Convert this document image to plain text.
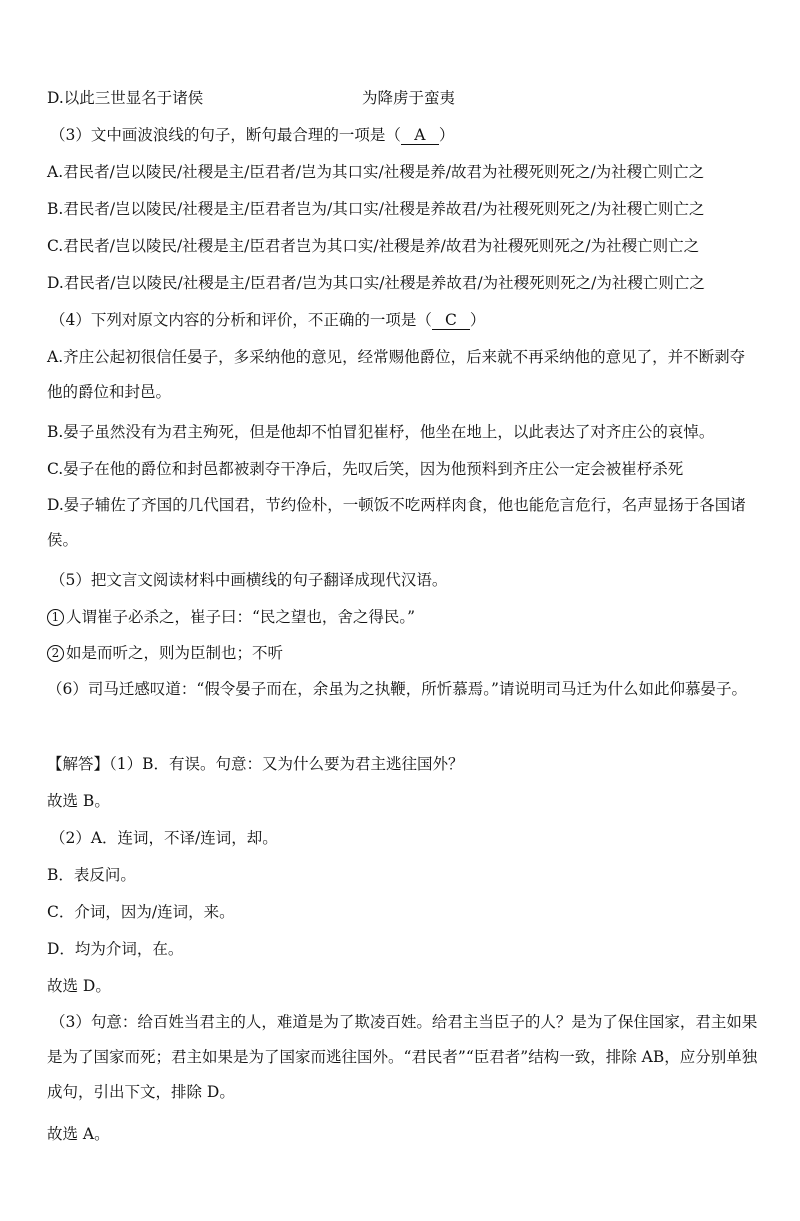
D.以此三世显名于诸侯	为降虏于蛮夷
（3）文中画波浪线的句子，断句最合理的一项是（ A ）
A.君民者/岂以陵民/社稷是主/臣君者/岂为其口实/社稷是养/故君为社稷死则死之/为社稷亡则亡之
B.君民者/岂以陵民/社稷是主/臣君者岂为/其口实/社稷是养故君/为社稷死则死之/为社稷亡则亡之
C.君民者/岂以陵民/社稷是主/臣君者岂为其口实/社稷是养/故君为社稷死则死之/为社稷亡则亡之
D.君民者/岂以陵民/社稷是主/臣君者/岂为其口实/社稷是养故君/为社稷死则死之/为社稷亡则亡之
（4）下列对原文内容的分析和评价，不正确的一项是（ C ）
A.齐庄公起初很信任晏子，多采纳他的意见，经常赐他爵位，后来就不再采纳他的意见了，并不断剥夺他的爵位和封邑。
B.晏子虽然没有为君主殉死，但是他却不怕冒犯崔杼，他坐在地上，以此表达了对齐庄公的哀悼。
C.晏子在他的爵位和封邑都被剥夺干净后，先叹后笑，因为他预料到齐庄公一定会被崔杼杀死
D.晏子辅佐了齐国的几代国君，节约俭朴，一顿饭不吃两样肉食，他也能危言危行，名声显扬于各国诸侯。
（5）把文言文阅读材料中画横线的句子翻译成现代汉语。
1 人谓崔子必杀之，崔子曰：“民之望也，舍之得民。”
2 如是而听之，则为臣制也；不听
（6）司马迁感叹道：“假令晏子而在，余虽为之执鞭，所忻慕焉。”请说明司马迁为什么如此仰慕晏子。
【解答】（1）B．有误。句意：又为什么要为君主逃往国外？
故选 B。
（2）A．连词，不译/连词，却。
B．表反问。
C．介词，因为/连词，来。
D．均为介词，在。
故选 D。
（3）句意：给百姓当君主的人，难道是为了欺凌百姓。给君主当臣子的人？是为了保住国家，君主如果是为了国家而死；君主如果是为了国家而逃往国外。“君民者”“臣君者”结构一致，排除 AB，应分别单独成句，引出下文，排除 D。
故选 A。
